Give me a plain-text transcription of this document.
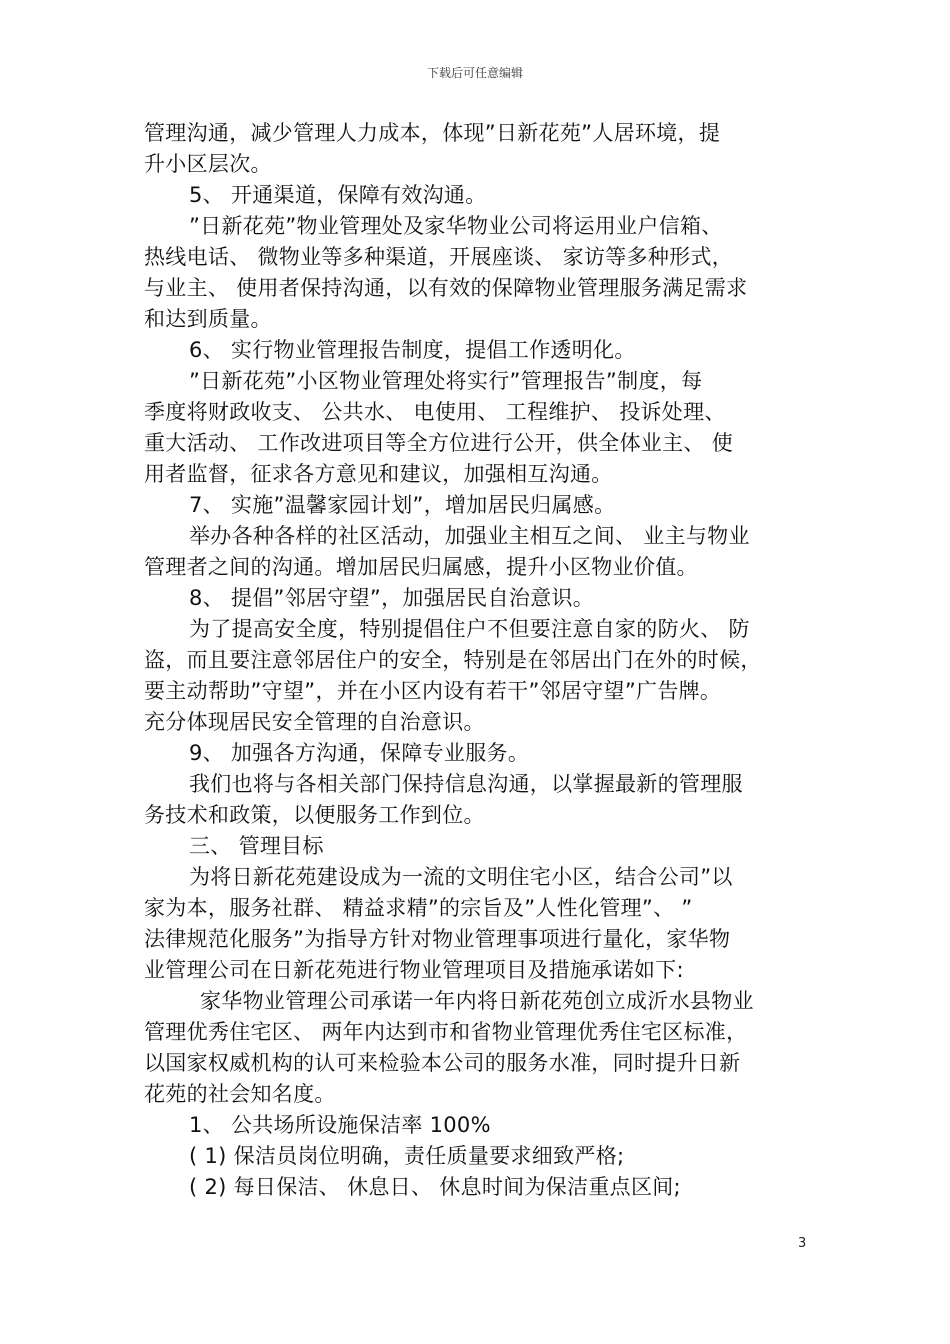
下载后可任意编辑
管理沟通，减少管理人力成本，体现”日新花苑”人居环境，提
升小区层次。
5、 开通渠道，保障有效沟通。
”日新花苑”物业管理处及家华物业公司将运用业户信箱、
热线电话、 微物业等多种渠道，开展座谈、 家访等多种形式，
与业主、 使用者保持沟通，以有效的保障物业管理服务满足需求
和达到质量。
6、 实行物业管理报告制度，提倡工作透明化。
”日新花苑”小区物业管理处将实行”管理报告”制度，每
季度将财政收支、 公共水、 电使用、 工程维护、 投诉处理、
重大活动、 工作改进项目等全方位进行公开，供全体业主、 使
用者监督，征求各方意见和建议，加强相互沟通。
7、 实施”温馨家园计划”，增加居民归属感。
举办各种各样的社区活动，加强业主相互之间、 业主与物业
管理者之间的沟通。增加居民归属感，提升小区物业价值。
8、 提倡”邻居守望”，加强居民自治意识。
为了提高安全度，特别提倡住户不但要注意自家的防火、 防
盗，而且要注意邻居住户的安全，特别是在邻居出门在外的时候，
要主动帮助”守望”，并在小区内设有若干”邻居守望”广告牌。
充分体现居民安全管理的自治意识。
9、 加强各方沟通，保障专业服务。
我们也将与各相关部门保持信息沟通，以掌握最新的管理服
务技术和政策，以便服务工作到位。
三、 管理目标
为将日新花苑建设成为一流的文明住宅小区，结合公司”以
家为本，服务社群、 精益求精”的宗旨及”人性化管理”、 ”
法律规范化服务”为指导方针对物业管理事项进行量化，家华物
业管理公司在日新花苑进行物业管理项目及措施承诺如下:
家华物业管理公司承诺一年内将日新花苑创立成沂水县物业
管理优秀住宅区、 两年内达到市和省物业管理优秀住宅区标准，
以国家权威机构的认可来检验本公司的服务水准，同时提升日新
花苑的社会知名度。
1、 公共场所设施保洁率 100%
( 1) 保洁员岗位明确，责任质量要求细致严格;
( 2) 每日保洁、 休息日、 休息时间为保洁重点区间;
3
